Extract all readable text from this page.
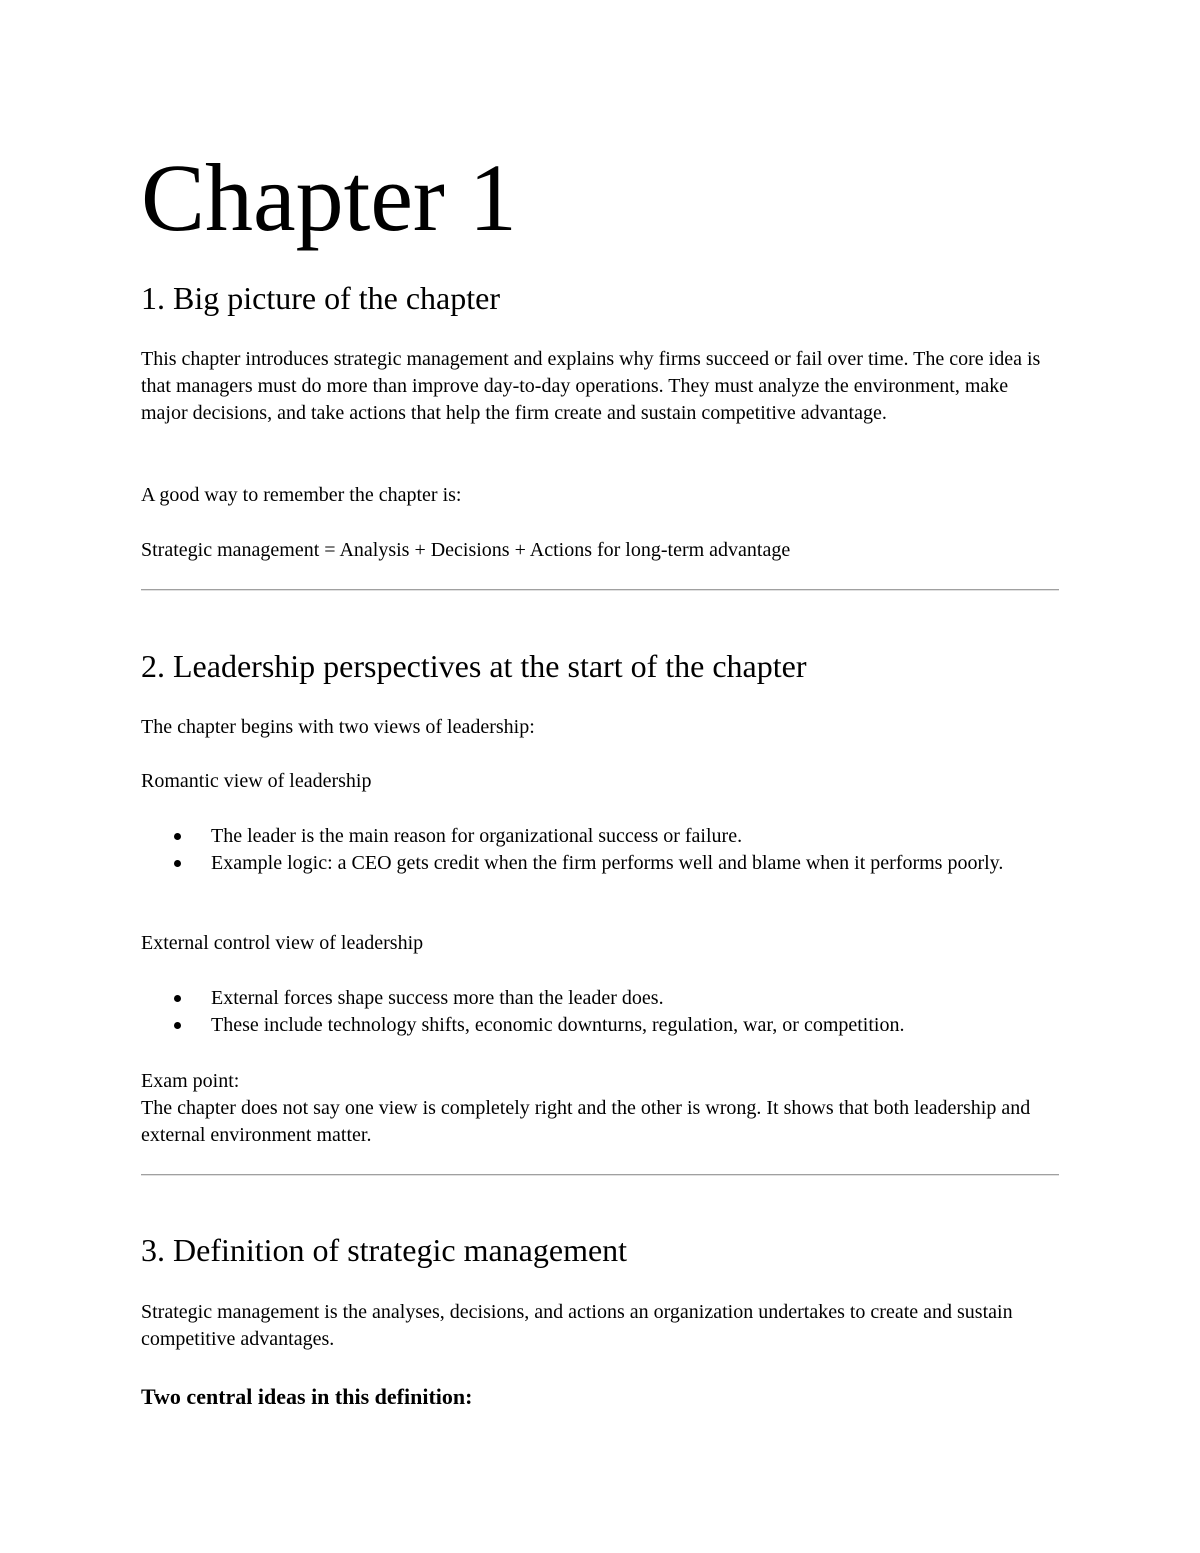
Chapter 1
1. Big picture of the chapter

This chapter introduces strategic management and explains why firms succeed or fail over time. The core idea is that managers must do more than improve day-to-day operations. They must analyze the environment, make major decisions, and take actions that help the firm create and sustain competitive advantage.

A good way to remember the chapter is:

Strategic management = Analysis + Decisions + Actions for long-term advantage

2. Leadership perspectives at the start of the chapter

The chapter begins with two views of leadership:

Romantic view of leadership

The leader is the main reason for organizational success or failure.
Example logic: a CEO gets credit when the firm performs well and blame when it performs poorly.

External control view of leadership

External forces shape success more than the leader does.
These include technology shifts, economic downturns, regulation, war, or competition.

Exam point:

The chapter does not say one view is completely right and the other is wrong. It shows that both leadership and external environment matter.

3. Definition of strategic management

Strategic management is the analyses, decisions, and actions an organization undertakes to create and sustain competitive advantages.

Two central ideas in this definition:
